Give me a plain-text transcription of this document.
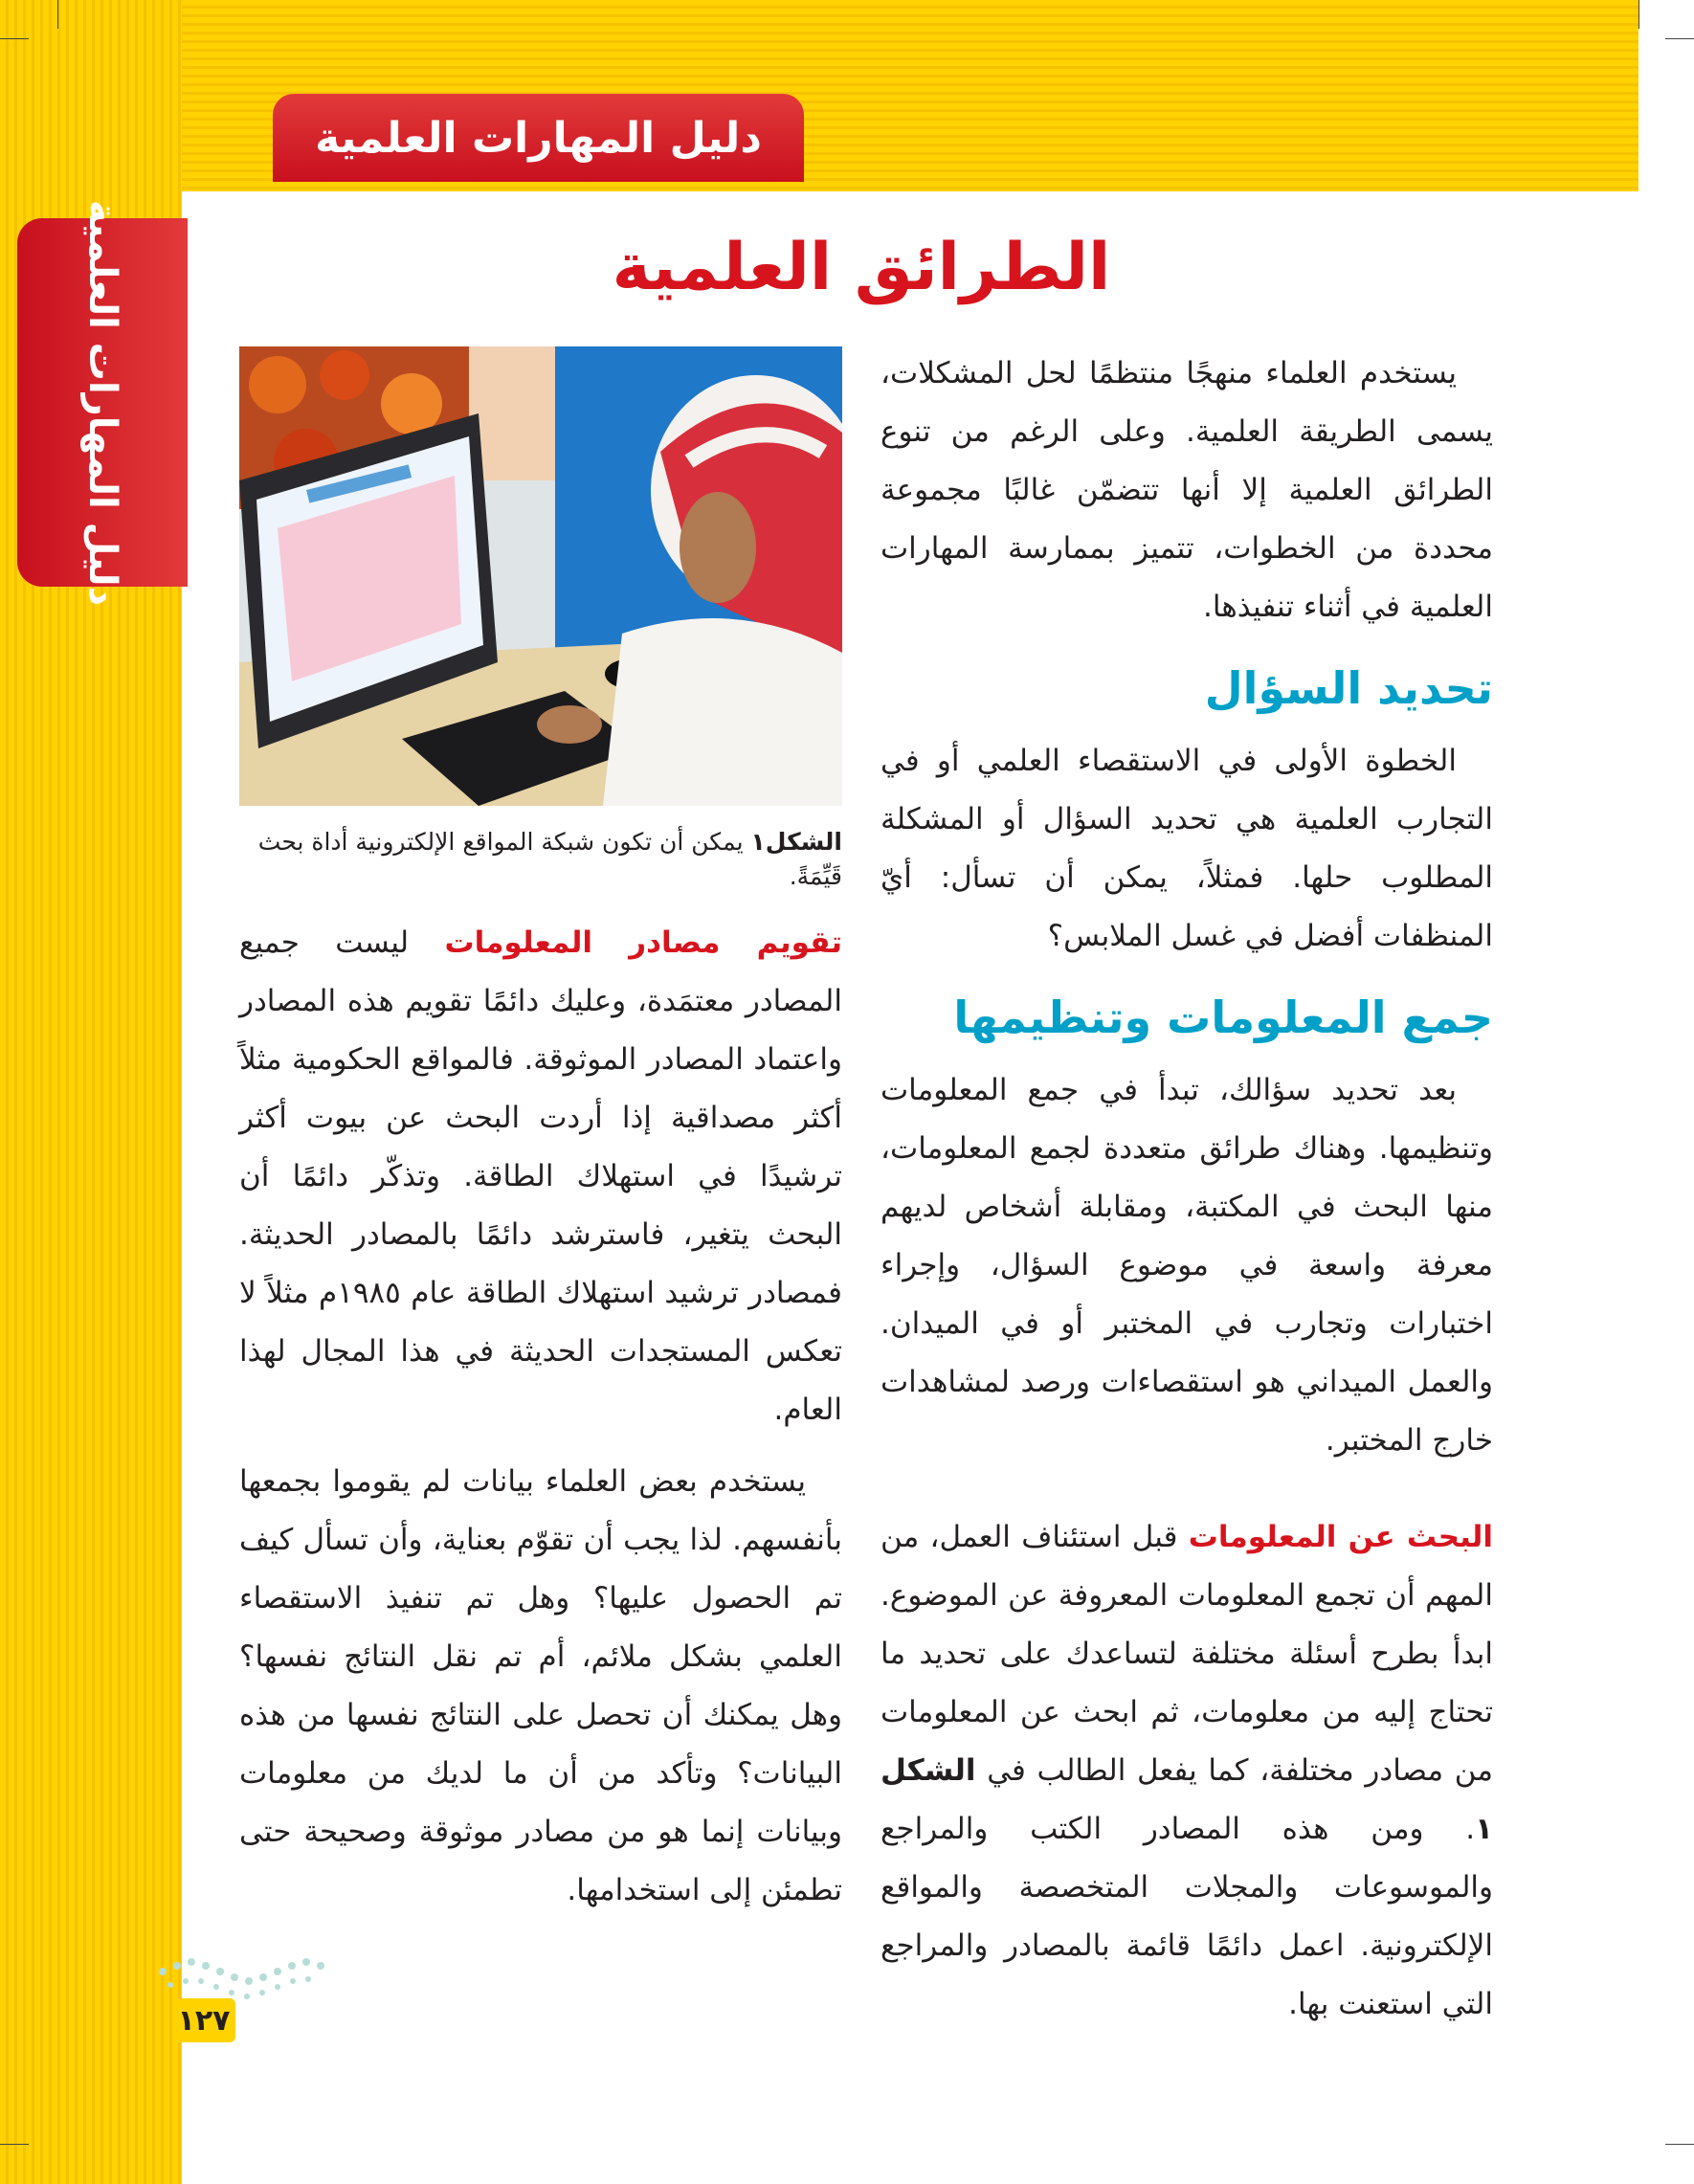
دليل المهارات العلمية
دليل المهارات العلمية	الطرائق العلمية

يستخدم العلماء منهجًا منتظمًا لحل المشكلات، يسمى الطريقة العلمية. وعلى الرغم من تنوع الطرائق العلمية إلا أنها تتضمّن غالبًا مجموعة محددة من الخطوات، تتميز بممارسة المهارات العلمية في أثناء تنفيذها.

تحديد السؤال

الخطوة الأولى في الاستقصاء العلمي أو في التجارب العلمية هي تحديد السؤال أو المشكلة المطلوب حلها. فمثلاً، يمكن أن تسأل: أيّ المنظفات أفضل في غسل الملابس؟

جمع المعلومات وتنظيمها

بعد تحديد سؤالك، تبدأ في جمع المعلومات وتنظيمها. وهناك طرائق متعددة لجمع المعلومات، منها البحث في المكتبة، ومقابلة أشخاص لديهم معرفة واسعة في موضوع السؤال، وإجراء اختبارات وتجارب في المختبر أو في الميدان. والعمل الميداني هو استقصاءات ورصد لمشاهدات خارج المختبر.

البحث عن المعلومات قبل استئناف العمل، من المهم أن تجمع المعلومات المعروفة عن الموضوع. ابدأ بطرح أسئلة مختلفة لتساعدك على تحديد ما تحتاج إليه من معلومات، ثم ابحث عن المعلومات من مصادر مختلفة، كما يفعل الطالب في الشكل ١. ومن هذه المصادر الكتب والمراجع والموسوعات والمجلات المتخصصة والمواقع الإلكترونية. اعمل دائمًا قائمة بالمصادر والمراجع التي استعنت بها.

الشكل١ يمكن أن تكون شبكة المواقع الإلكترونية أداة بحث قَيِّمَةً.

تقويم مصادر المعلومات ليست جميع المصادر معتمَدة، وعليك دائمًا تقويم هذه المصادر واعتماد المصادر الموثوقة. فالمواقع الحكومية مثلاً أكثر مصداقية إذا أردت البحث عن بيوت أكثر ترشيدًا في استهلاك الطاقة. وتذكّر دائمًا أن البحث يتغير، فاسترشد دائمًا بالمصادر الحديثة. فمصادر ترشيد استهلاك الطاقة عام ١٩٨٥م مثلاً لا تعكس المستجدات الحديثة في هذا المجال لهذا العام.

يستخدم بعض العلماء بيانات لم يقوموا بجمعها بأنفسهم. لذا يجب أن تقوّم بعناية، وأن تسأل كيف تم الحصول عليها؟ وهل تم تنفيذ الاستقصاء العلمي بشكل ملائم، أم تم نقل النتائج نفسها؟ وهل يمكنك أن تحصل على النتائج نفسها من هذه البيانات؟ وتأكد من أن ما لديك من معلومات وبيانات إنما هو من مصادر موثوقة وصحيحة حتى تطمئن إلى استخدامها.

١٢٧
